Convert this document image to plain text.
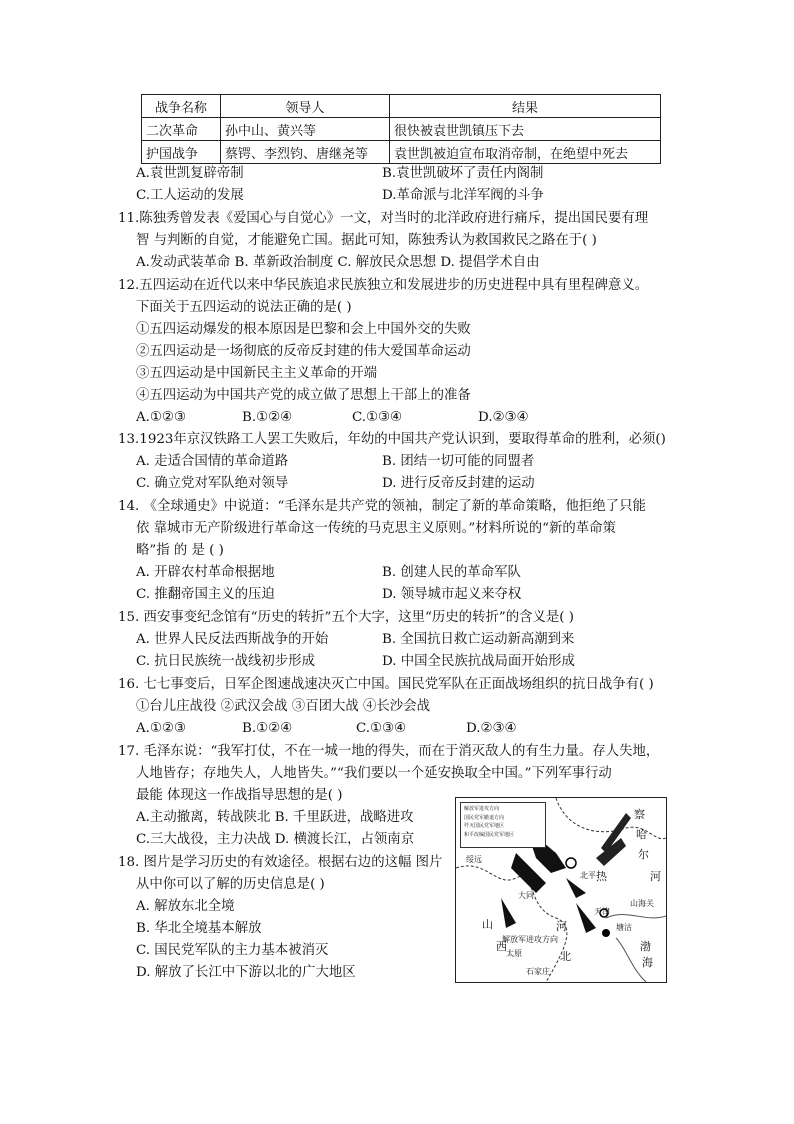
战争名称	领导人	结果
二次革命	孙中山、黄兴等	很快被袁世凯镇压下去
护国战争	蔡锷、李烈钧、唐继尧等	袁世凯被迫宣布取消帝制，在绝望中死去
A.袁世凯复辟帝制	B.袁世凯破坏了责任内阁制
C.工人运动的发展	D.革命派与北洋军阀的斗争
11.陈独秀曾发表《爱国心与自觉心》一文，对当时的北洋政府进行痛斥，提出国民要有理
智 与判断的自觉，才能避免亡国。据此可知，陈独秀认为救国救民之路在于( )
A.发动武装革命 B. 革新政治制度 C. 解放民众思想 D. 提倡学术自由
12.五四运动在近代以来中华民族追求民族独立和发展进步的历史进程中具有里程碑意义。
下面关于五四运动的说法正确的是( )
①五四运动爆发的根本原因是巴黎和会上中国外交的失败
②五四运动是一场彻底的反帝反封建的伟大爱国革命运动
③五四运动是中国新民主主义革命的开端
④五四运动为中国共产党的成立做了思想上干部上的准备
A.①②③	B.①②④	C.①③④	D.②③④
13.1923年京汉铁路工人罢工失败后，年幼的中国共产党认识到，要取得革命的胜利，必须()
A. 走适合国情的革命道路	B. 团结一切可能的同盟者
C. 确立党对军队绝对领导	D. 进行反帝反封建的运动
14. 《全球通史》中说道：“毛泽东是共产党的领袖，制定了新的革命策略，他拒绝了只能
依 靠城市无产阶级进行革命这一传统的马克思主义原则。”材料所说的“新的革命策
略”指 的 是 ( )
A. 开辟农村革命根据地	B. 创建人民的革命军队
C. 推翻帝国主义的压迫	D. 领导城市起义来夺权
15. 西安事变纪念馆有“历史的转折”五个大字，这里“历史的转折”的含义是( )
A. 世界人民反法西斯战争的开始	B. 全国抗日救亡运动新高潮到来
C. 抗日民族统一战线初步形成	D. 中国全民族抗战局面开始形成
16. 七七事变后，日军企图速战速决灭亡中国。国民党军队在正面战场组织的抗日战争有( )
①台儿庄战役 ②武汉会战 ③百团大战 ④长沙会战
A.①②③	B.①②④	C.①③④	D.②③④
17. 毛泽东说：“我军打仗，不在一城一地的得失，而在于消灭敌人的有生力量。存人失地，
人地皆存；存地失人，人地皆失。”“我们要以一个延安换取全中国。”下列军事行动
最能 体现这一作战指导思想的是( )
A.主动撤离，转战陕北 B. 千里跃进，战略进攻
C.三大战役，主力决战 D. 横渡长江，占领南京
18. 图片是学习历史的有效途径。根据右边的这幅 图片
从中你可以了解的历史信息是( )
A. 解放东北全境
B. 华北全境基本解放
C. 国民党军队的主力基本被消灭
D. 解放了长江中下游以北的广大地区
解放军进攻方向
国民党军撤退方向
歼灭国民党军地区
和平改编国民党军地区
察
哈
尔
绥远
热	河
大同
北平
天津
塘沽
山
西
河
北
渤
海
太原
石家庄
山海关
解放军进攻方向
